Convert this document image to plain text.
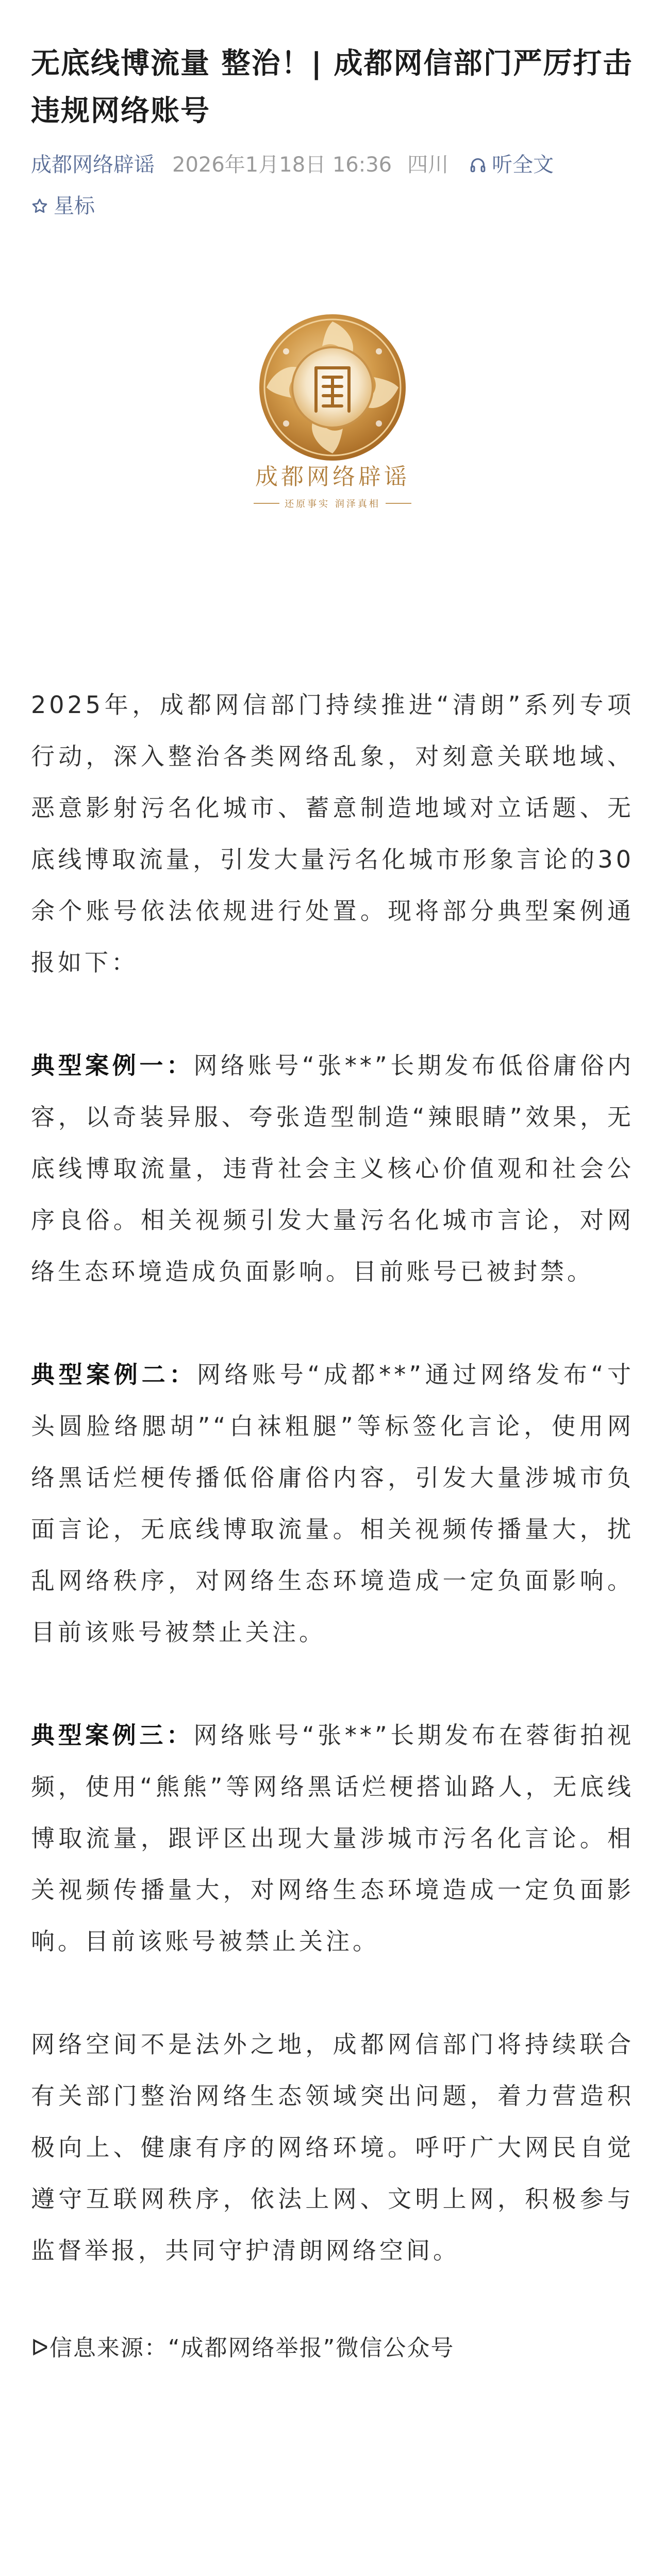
无底线博流量 整治！| 成都网信部门严厉打击违规网络账号
成都网络辟谣 2026年1月18日 16:36 四川 听全文
星标
成都网络辟谣
还原事实 润泽真相

2025年，成都网信部门持续推进“清朗”系列专项行动，深入整治各类网络乱象，对刻意关联地域、恶意影射污名化城市、蓄意制造地域对立话题、无底线博取流量，引发大量污名化城市形象言论的30余个账号依法依规进行处置。现将部分典型案例通报如下：

典型案例一：网络账号“张**”长期发布低俗庸俗内容，以奇装异服、夸张造型制造“辣眼睛”效果，无底线博取流量，违背社会主义核心价值观和社会公序良俗。相关视频引发大量污名化城市言论，对网络生态环境造成负面影响。目前账号已被封禁。

典型案例二：网络账号“成都**”通过网络发布“寸头圆脸络腮胡”“白袜粗腿”等标签化言论，使用网络黑话烂梗传播低俗庸俗内容，引发大量涉城市负面言论，无底线博取流量。相关视频传播量大，扰乱网络秩序，对网络生态环境造成一定负面影响。目前该账号被禁止关注。

典型案例三：网络账号“张**”长期发布在蓉街拍视频，使用“熊熊”等网络黑话烂梗搭讪路人，无底线博取流量，跟评区出现大量涉城市污名化言论。相关视频传播量大，对网络生态环境造成一定负面影响。目前该账号被禁止关注。

网络空间不是法外之地，成都网信部门将持续联合有关部门整治网络生态领域突出问题，着力营造积极向上、健康有序的网络环境。呼吁广大网民自觉遵守互联网秩序，依法上网、文明上网，积极参与监督举报，共同守护清朗网络空间。

ᐅ信息来源：“成都网络举报”微信公众号
